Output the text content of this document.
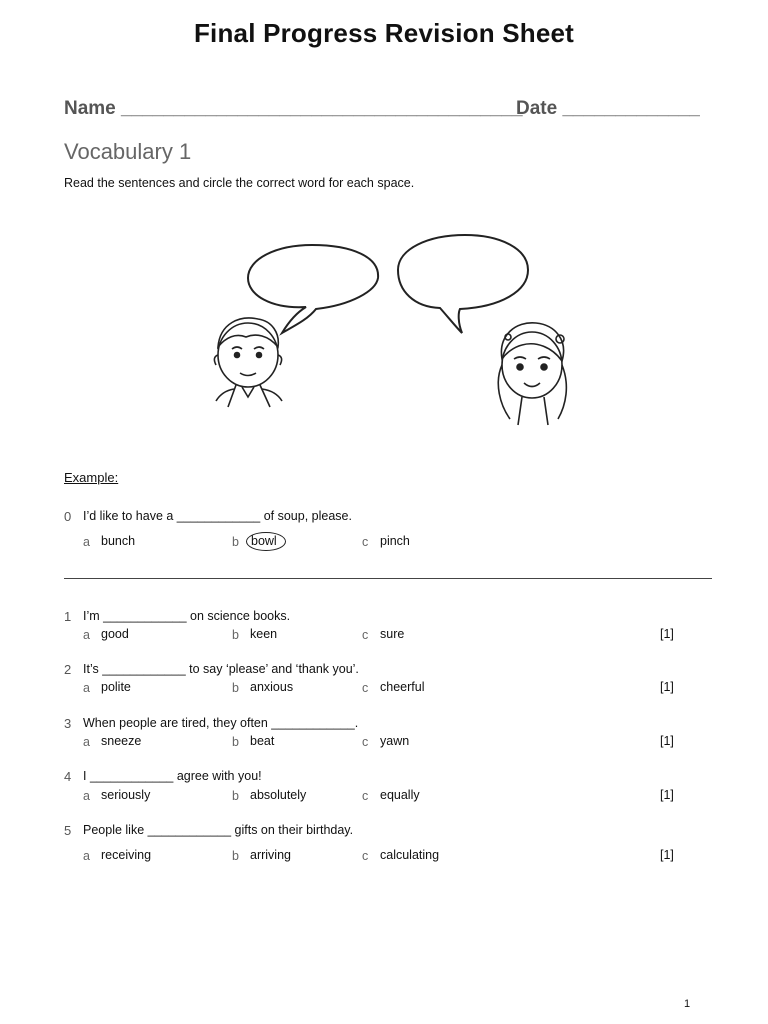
Final Progress Revision Sheet
Name ______________________________________
Date _____________
Vocabulary 1
Read the sentences and circle the correct word for each space.
Example:
0 I’d like to have a ____________ of soup, please.
a bunch	b bowl	c pinch
1 I’m ____________ on science books.
a good	b keen	c sure	[1]
2 It’s ____________ to say ‘please’ and ‘thank you’.
a polite	b anxious	c cheerful	[1]
3 When people are tired, they often ____________.
a sneeze	b beat	c yawn	[1]
4 I ____________ agree with you!
a seriously	b absolutely	c equally	[1]
5 People like ____________ gifts on their birthday.
a receiving	b arriving	c calculating	[1]
1
